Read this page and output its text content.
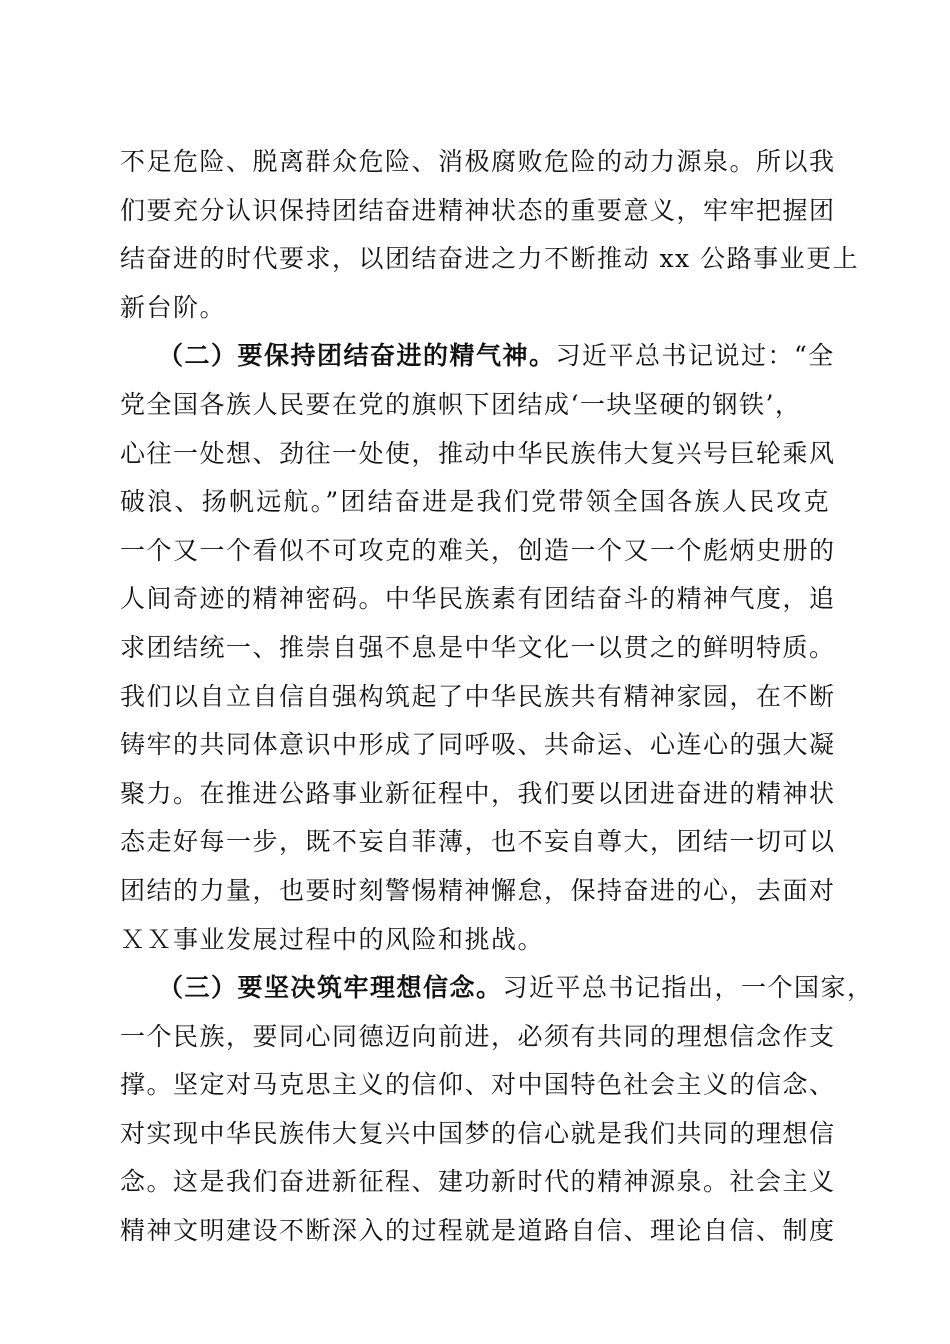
不足危险、脱离群众危险、消极腐败危险的动力源泉。所以我
们要充分认识保持团结奋进精神状态的重要意义，牢牢把握团
结奋进的时代要求，以团结奋进之力不断推动 xx 公路事业更上
新台阶。
（二）要保持团结奋进的精气神。习近平总书记说过：“全
党全国各族人民要在党的旗帜下团结成‘一块坚硬的钢铁’，
心往一处想、劲往一处使，推动中华民族伟大复兴号巨轮乘风
破浪、扬帆远航。”团结奋进是我们党带领全国各族人民攻克
一个又一个看似不可攻克的难关，创造一个又一个彪炳史册的
人间奇迹的精神密码。中华民族素有团结奋斗的精神气度，追
求团结统一、推崇自强不息是中华文化一以贯之的鲜明特质。
我们以自立自信自强构筑起了中华民族共有精神家园，在不断
铸牢的共同体意识中形成了同呼吸、共命运、心连心的强大凝
聚力。在推进公路事业新征程中，我们要以团进奋进的精神状
态走好每一步，既不妄自菲薄，也不妄自尊大，团结一切可以
团结的力量，也要时刻警惕精神懈怠，保持奋进的心，去面对
ＸＸ事业发展过程中的风险和挑战。
（三）要坚决筑牢理想信念。习近平总书记指出，一个国家，
一个民族，要同心同德迈向前进，必须有共同的理想信念作支
撑。坚定对马克思主义的信仰、对中国特色社会主义的信念、
对实现中华民族伟大复兴中国梦的信心就是我们共同的理想信
念。这是我们奋进新征程、建功新时代的精神源泉。社会主义
精神文明建设不断深入的过程就是道路自信、理论自信、制度
